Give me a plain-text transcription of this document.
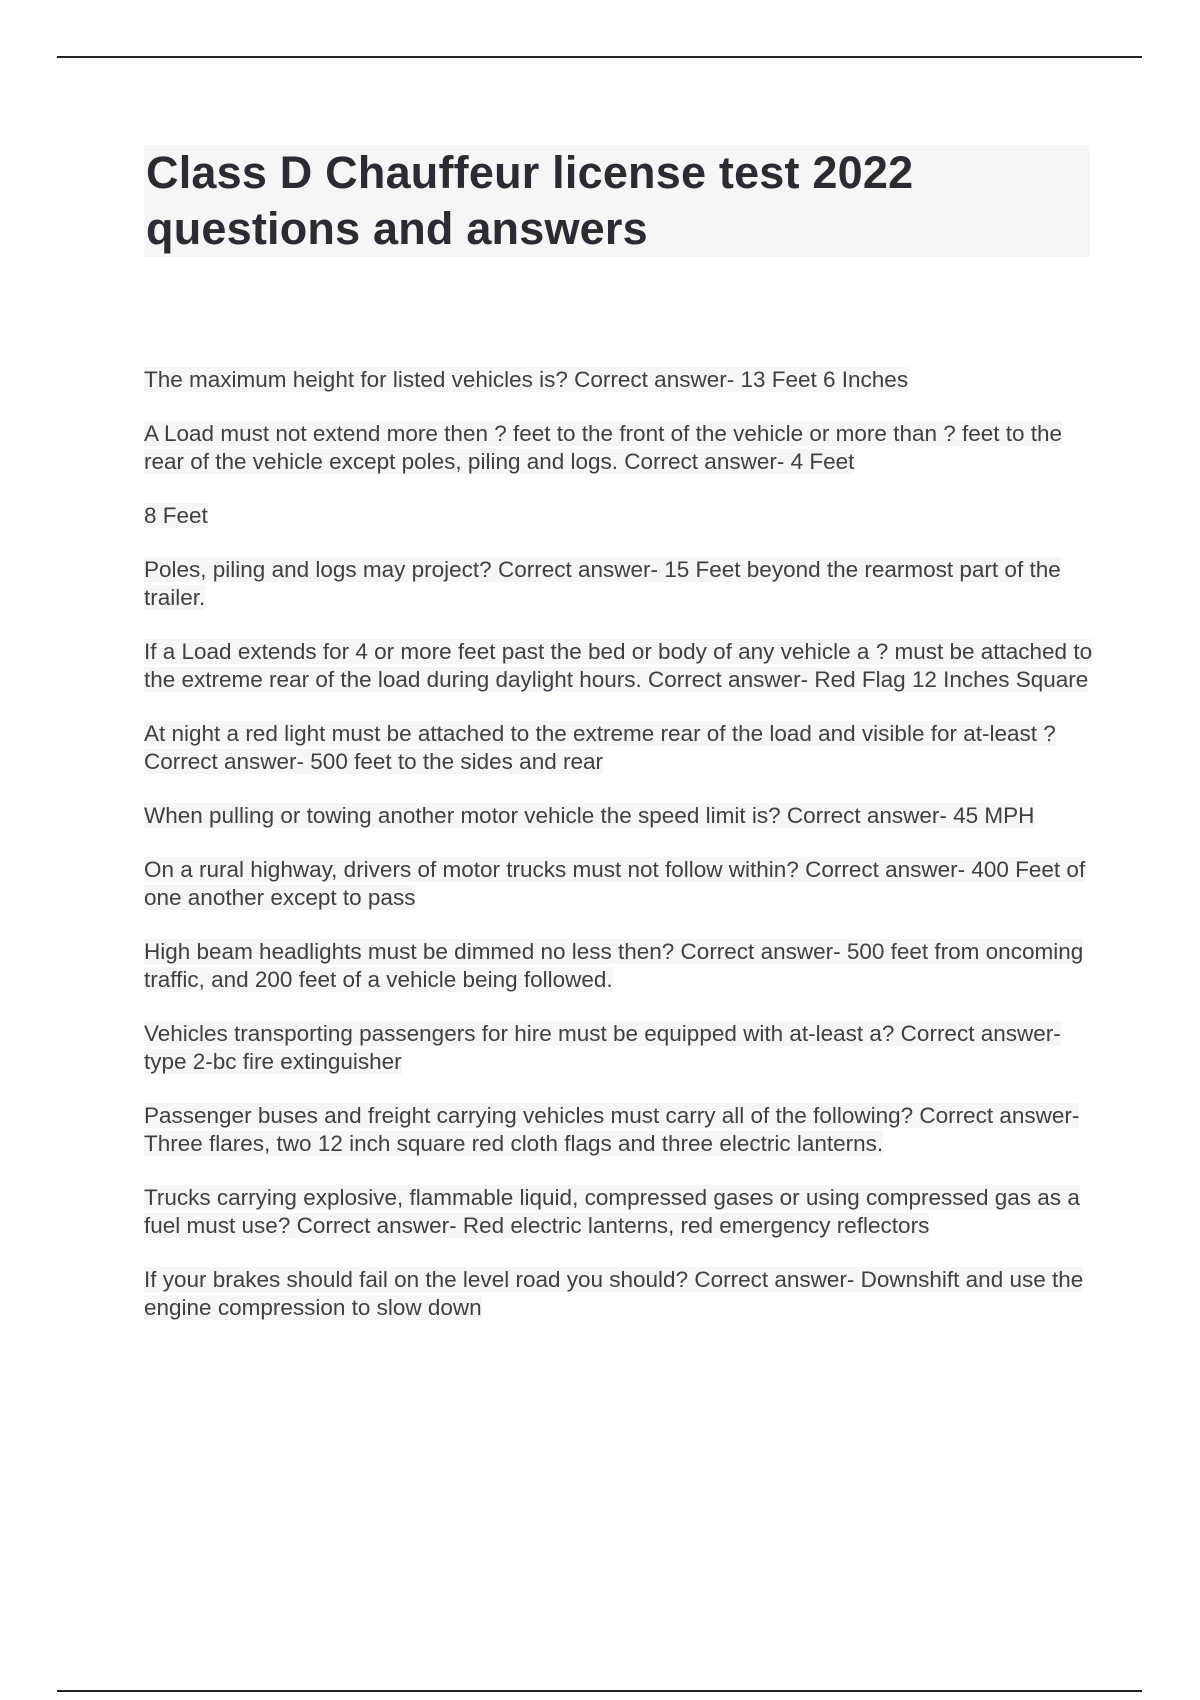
Class D Chauffeur license test 2022 questions and answers

The maximum height for listed vehicles is? Correct answer- 13 Feet 6 Inches

A Load must not extend more then ? feet to the front of the vehicle or more than ? feet to the rear of the vehicle except poles, piling and logs. Correct answer- 4 Feet

8 Feet

Poles, piling and logs may project? Correct answer- 15 Feet beyond the rearmost part of the trailer.

If a Load extends for 4 or more feet past the bed or body of any vehicle a ? must be attached to the extreme rear of the load during daylight hours. Correct answer- Red Flag 12 Inches Square

At night a red light must be attached to the extreme rear of the load and visible for at-least ? Correct answer- 500 feet to the sides and rear

When pulling or towing another motor vehicle the speed limit is? Correct answer- 45 MPH

On a rural highway, drivers of motor trucks must not follow within? Correct answer- 400 Feet of one another except to pass

High beam headlights must be dimmed no less then? Correct answer- 500 feet from oncoming traffic, and 200 feet of a vehicle being followed.

Vehicles transporting passengers for hire must be equipped with at-least a? Correct answer- type 2-bc fire extinguisher

Passenger buses and freight carrying vehicles must carry all of the following? Correct answer- Three flares, two 12 inch square red cloth flags and three electric lanterns.

Trucks carrying explosive, flammable liquid, compressed gases or using compressed gas as a fuel must use? Correct answer- Red electric lanterns, red emergency reflectors

If your brakes should fail on the level road you should? Correct answer- Downshift and use the engine compression to slow down
